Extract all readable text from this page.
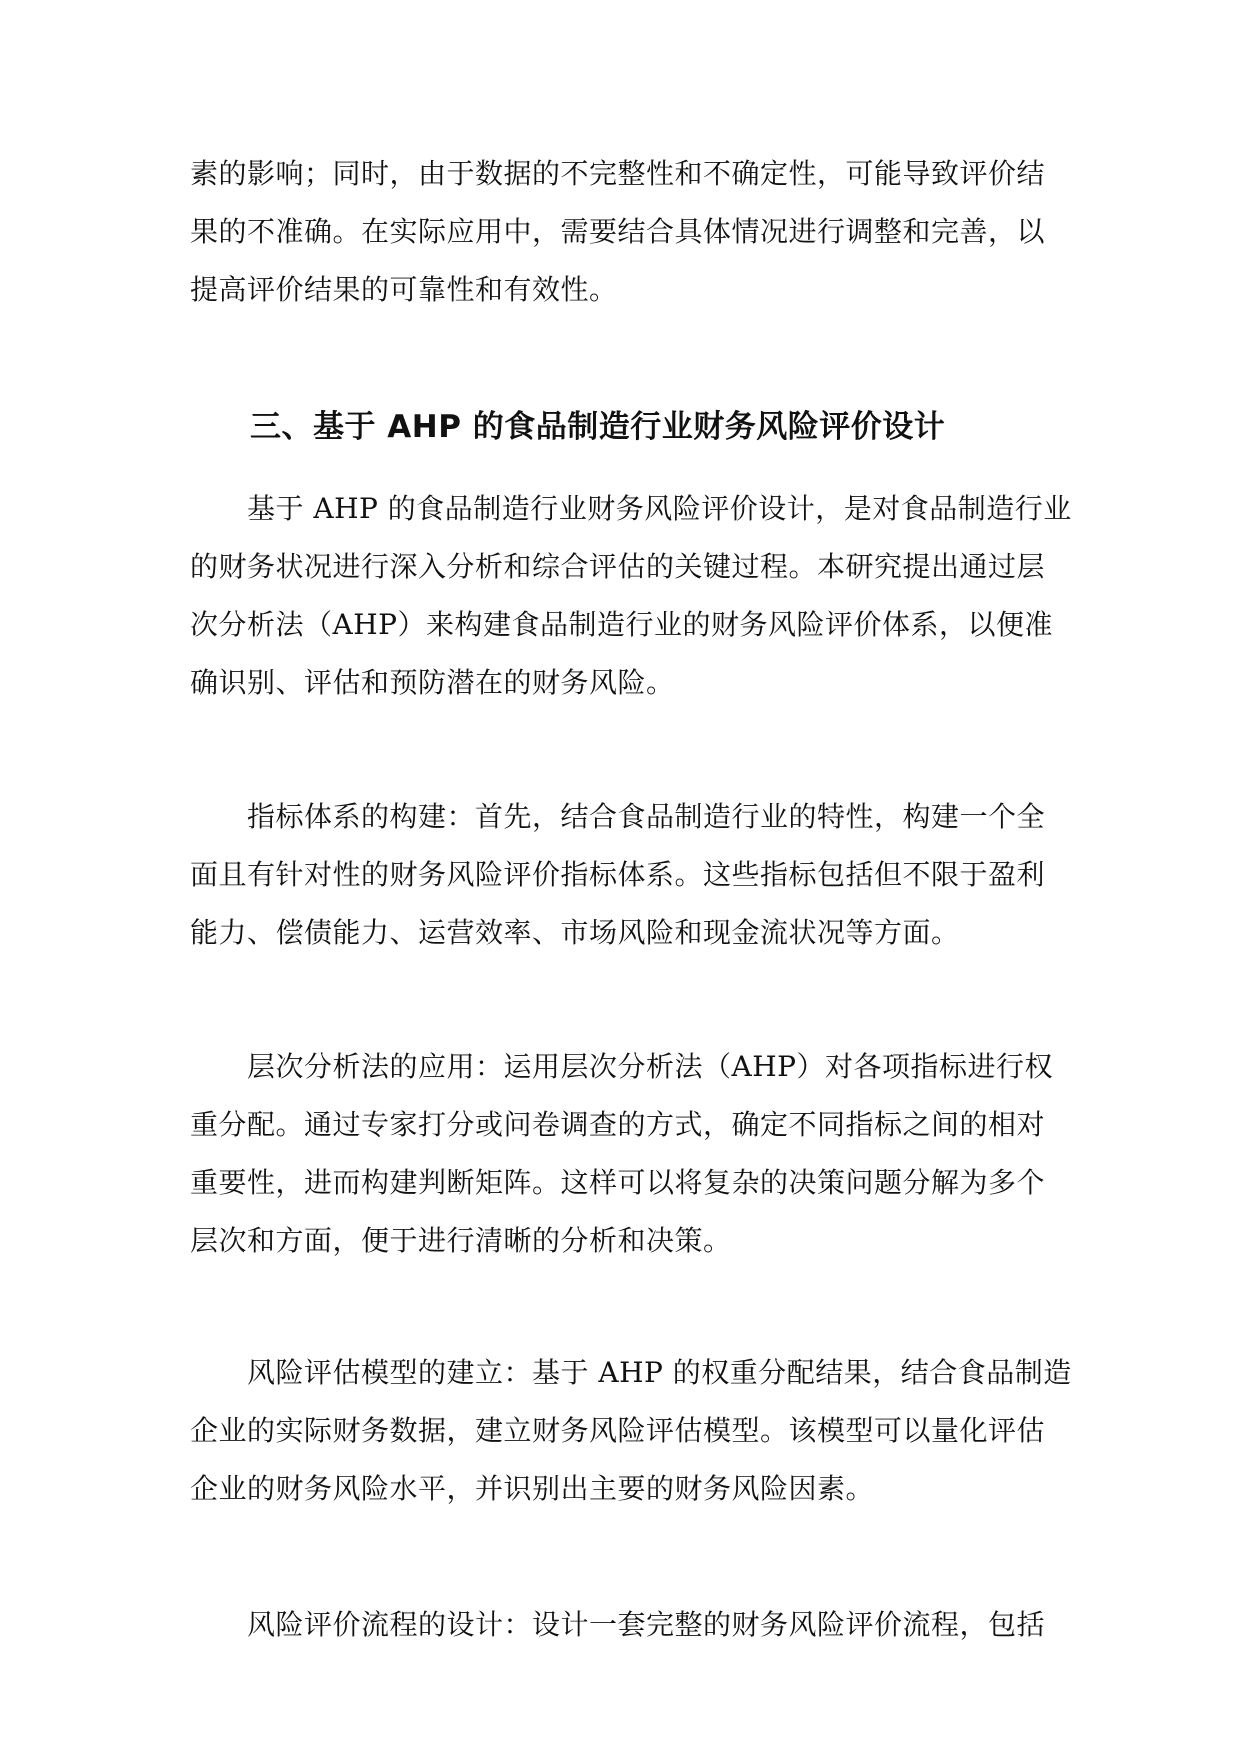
素的影响；同时，由于数据的不完整性和不确定性，可能导致评价结
果的不准确。在实际应用中，需要结合具体情况进行调整和完善，以
提高评价结果的可靠性和有效性。
三、基于 AHP 的食品制造行业财务风险评价设计
　　基于 AHP 的食品制造行业财务风险评价设计，是对食品制造行业
的财务状况进行深入分析和综合评估的关键过程。本研究提出通过层
次分析法（AHP）来构建食品制造行业的财务风险评价体系，以便准
确识别、评估和预防潜在的财务风险。
　　指标体系的构建：首先，结合食品制造行业的特性，构建一个全
面且有针对性的财务风险评价指标体系。这些指标包括但不限于盈利
能力、偿债能力、运营效率、市场风险和现金流状况等方面。
　　层次分析法的应用：运用层次分析法（AHP）对各项指标进行权
重分配。通过专家打分或问卷调查的方式，确定不同指标之间的相对
重要性，进而构建判断矩阵。这样可以将复杂的决策问题分解为多个
层次和方面，便于进行清晰的分析和决策。
　　风险评估模型的建立：基于 AHP 的权重分配结果，结合食品制造
企业的实际财务数据，建立财务风险评估模型。该模型可以量化评估
企业的财务风险水平，并识别出主要的财务风险因素。
　　风险评价流程的设计：设计一套完整的财务风险评价流程，包括
